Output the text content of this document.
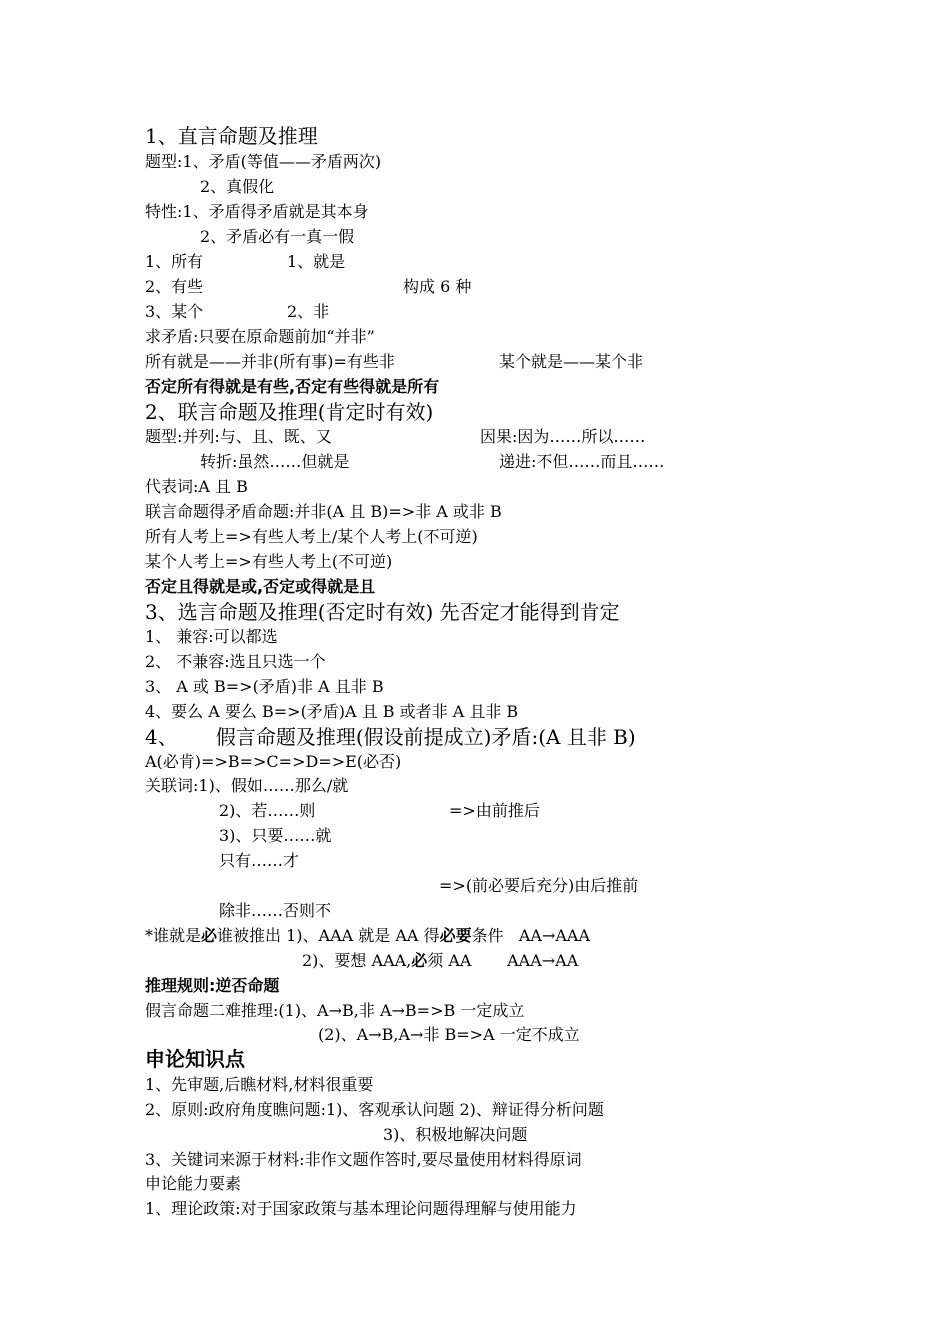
1、直言命题及推理
题型:1、矛盾(等值——矛盾两次)
2、真假化
特性:1、矛盾得矛盾就是其本身
2、矛盾必有一真一假
1、所有	1、就是
2、有些	构成 6 种
3、某个	2、非
求矛盾:只要在原命题前加“并非”
所有就是——并非(所有事)=有些非	某个就是——某个非
否定所有得就是有些,否定有些得就是所有
2、联言命题及推理(肯定时有效)
题型:并列:与、且、既、又	因果:因为……所以……
转折:虽然……但就是	递进:不但……而且……
代表词:A 且 B
联言命题得矛盾命题:并非(A 且 B)=>非 A 或非 B
所有人考上=>有些人考上/某个人考上(不可逆)
某个人考上=>有些人考上(不可逆)
否定且得就是或,否定或得就是且
3、选言命题及推理(否定时有效) 先否定才能得到肯定
1、 兼容:可以都选
2、 不兼容:选且只选一个
3、 A 或 B=>(矛盾)非 A 且非 B
4、要么 A 要么 B=>(矛盾)A 且 B 或者非 A 且非 B
4、      假言命题及推理(假设前提成立)矛盾:(A 且非 B)
A(必肯)=>B=>C=>D=>E(必否)
关联词:1)、假如……那么/就
2)、若……则	=>由前推后
3)、只要……就
只有……才
=>(前必要后充分)由后推前
除非……否则不
*谁就是必谁被推出 1)、AAA 就是 AA 得必要条件   AA→AAA
2)、要想 AAA,必须 AA       AAA→AA
推理规则:逆否命题
假言命题二难推理:(1)、A→B,非 A→B=>B 一定成立
(2)、A→B,A→非 B=>A 一定不成立
申论知识点
1、先审题,后瞧材料,材料很重要
2、原则:政府角度瞧问题:1)、客观承认问题 2)、辩证得分析问题
3)、积极地解决问题
3、关键词来源于材料:非作文题作答时,要尽量使用材料得原词
申论能力要素
1、理论政策:对于国家政策与基本理论问题得理解与使用能力
